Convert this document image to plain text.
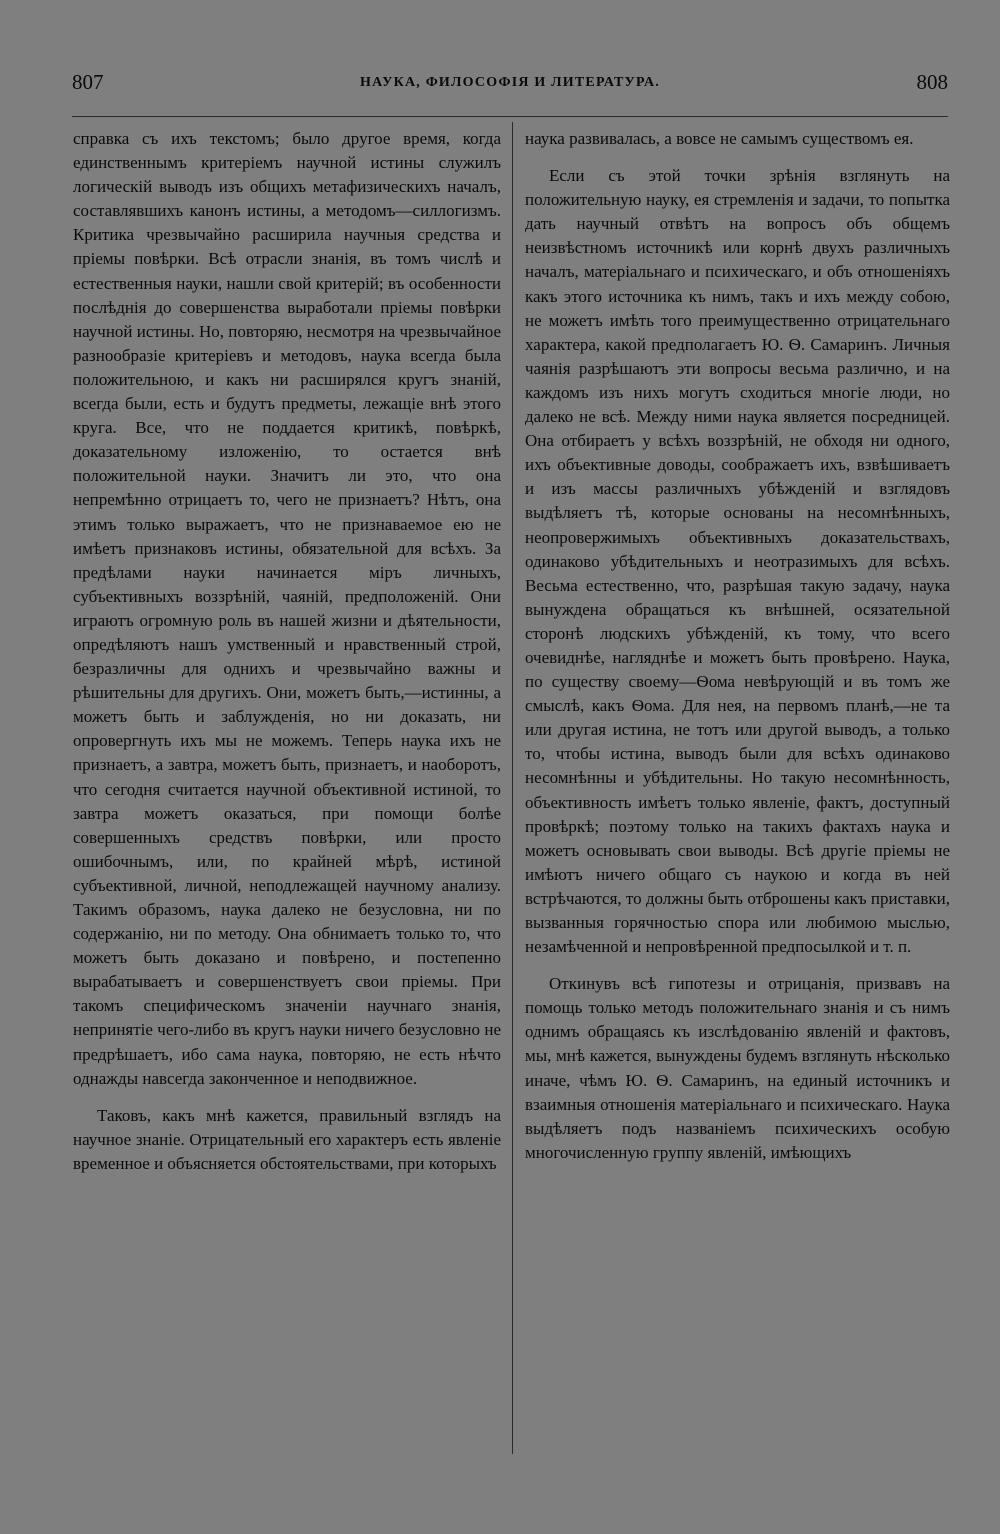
807	НАУКА, ФИЛОСОФІЯ И ЛИТЕРАТУРА.	808

справка съ ихъ текстомъ; было другое время, когда единственнымъ критеріемъ научной истины служилъ логическій выводъ изъ общихъ метафизическихъ началъ, составлявшихъ канонъ истины, а методомъ—силлогизмъ. Критика чрезвычайно расширила научныя средства и пріемы повѣрки. Всѣ отрасли знанія, въ томъ числѣ и естественныя науки, нашли свой критерій; въ особенности послѣднія до совершенства выработали пріемы повѣрки научной истины. Но, повторяю, несмотря на чрезвычайное разнообразіе критеріевъ и методовъ, наука всегда была положительною, и какъ ни расширялся кругъ знаній, всегда были, есть и будутъ предметы, лежащіе внѣ этого круга. Все, что не поддается критикѣ, повѣркѣ, доказательному изложенію, то остается внѣ положительной науки. Значитъ ли это, что она непремѣнно отрицаетъ то, чего не признаетъ? Нѣтъ, она этимъ только выражаетъ, что не признаваемое ею не имѣетъ признаковъ истины, обязательной для всѣхъ. За предѣлами науки начинается міръ личныхъ, субъективныхъ воззрѣній, чаяній, предположеній. Они играютъ огромную роль въ нашей жизни и дѣятельности, опредѣляютъ нашъ умственный и нравственный строй, безразличны для однихъ и чрезвычайно важны и рѣшительны для другихъ. Они, можетъ быть,—истинны, а можетъ быть и заблужденія, но ни доказать, ни опровергнуть ихъ мы не можемъ. Теперь наука ихъ не признаетъ, а завтра, можетъ быть, признаетъ, и наоборотъ, что сегодня считается научной объективной истиной, то завтра можетъ оказаться, при помощи болѣе совершенныхъ средствъ повѣрки, или просто ошибочнымъ, или, по крайней мѣрѣ, истиной субъективной, личной, неподлежащей научному анализу. Такимъ образомъ, наука далеко не безусловна, ни по содержанію, ни по методу. Она обнимаетъ только то, что можетъ быть доказано и повѣрено, и постепенно вырабатываетъ и совершенствуетъ свои пріемы. При такомъ специфическомъ значеніи научнаго знанія, непринятіе чего-либо въ кругъ науки ничего безусловно не предрѣшаетъ, ибо сама наука, повторяю, не есть нѣчто однажды навсегда законченное и неподвижное.

Таковъ, какъ мнѣ кажется, правильный взглядъ на научное знаніе. Отрицательный его характеръ есть явленіе временное и объясняется обстоятельствами, при которыхъ

наука развивалась, а вовсе не самымъ существомъ ея.

Если съ этой точки зрѣнія взглянуть на положительную науку, ея стремленія и задачи, то попытка дать научный отвѣтъ на вопросъ объ общемъ неизвѣстномъ источникѣ или корнѣ двухъ различныхъ началъ, матеріальнаго и психическаго, и объ отношеніяхъ какъ этого источника къ нимъ, такъ и ихъ между собою, не можетъ имѣть того преимущественно отрицательнаго характера, какой предполагаетъ Ю. Ѳ. Самаринъ. Личныя чаянія разрѣшаютъ эти вопросы весьма различно, и на каждомъ изъ нихъ могутъ сходиться многіе люди, но далеко не всѣ. Между ними наука является посредницей. Она отбираетъ у всѣхъ воззрѣній, не обходя ни одного, ихъ объективные доводы, соображаетъ ихъ, взвѣшиваетъ и изъ массы различныхъ убѣжденій и взглядовъ выдѣляетъ тѣ, которые основаны на несомнѣнныхъ, неопровержимыхъ объективныхъ доказательствахъ, одинаково убѣдительныхъ и неотразимыхъ для всѣхъ. Весьма естественно, что, разрѣшая такую задачу, наука вынуждена обращаться къ внѣшней, осязательной сторонѣ людскихъ убѣжденій, къ тому, что всего очевиднѣе, нагляднѣе и можетъ быть провѣрено. Наука, по существу своему—Ѳома невѣрующій и въ томъ же смыслѣ, какъ Ѳома. Для нея, на первомъ планѣ,—не та или другая истина, не тотъ или другой выводъ, а только то, чтобы истина, выводъ были для всѣхъ одинаково несомнѣнны и убѣдительны. Но такую несомнѣнность, объективность имѣетъ только явленіе, фактъ, доступный провѣркѣ; поэтому только на такихъ фактахъ наука и можетъ основывать свои выводы. Всѣ другіе пріемы не имѣютъ ничего общаго съ наукою и когда въ ней встрѣчаются, то должны быть отброшены какъ приставки, вызванныя горячностью спора или любимою мыслью, незамѣченной и непровѣренной предпосылкой и т. п.

Откинувъ всѣ гипотезы и отрицанія, призвавъ на помощь только методъ положительнаго знанія и съ нимъ однимъ обращаясь къ изслѣдованію явленій и фактовъ, мы, мнѣ кажется, вынуждены будемъ взглянуть нѣсколько иначе, чѣмъ Ю. Ѳ. Самаринъ, на единый источникъ и взаимныя отношенія матеріальнаго и психическаго. Наука выдѣляетъ подъ названіемъ психическихъ особую многочисленную группу явленій, имѣющихъ
